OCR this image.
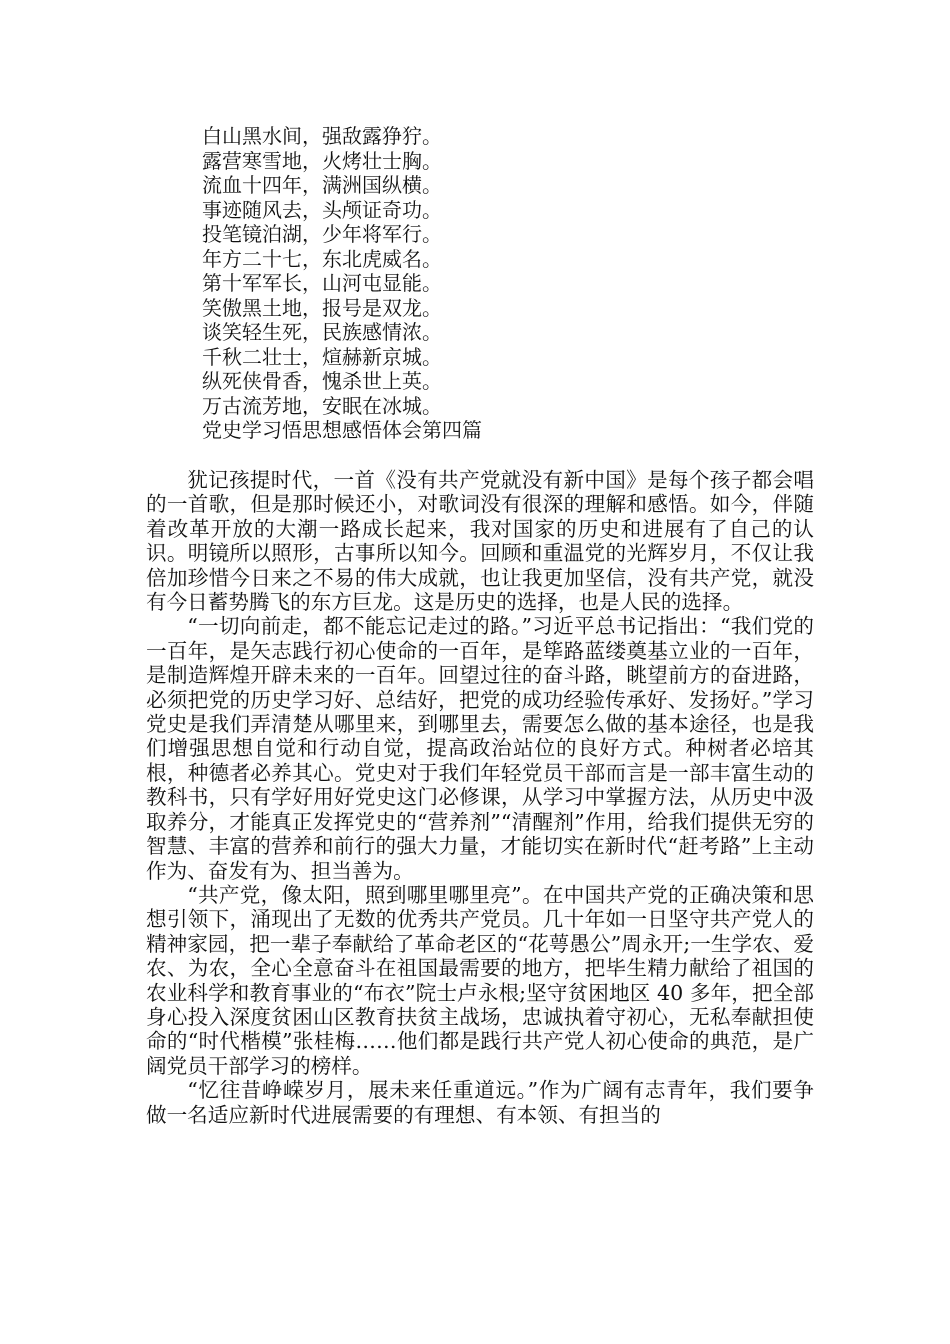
白山黑水间，强敌露狰狞。
露营寒雪地，火烤壮士胸。
流血十四年，满洲国纵横。
事迹随风去，头颅证奇功。
投笔镜泊湖，少年将军行。
年方二十七，东北虎威名。
第十军军长，山河屯显能。
笑傲黑土地，报号是双龙。
谈笑轻生死，民族感情浓。
千秋二壮士，煊赫新京城。
纵死侠骨香，愧杀世上英。
万古流芳地，安眠在冰城。
党史学习悟思想感悟体会第四篇

犹记孩提时代，一首《没有共产党就没有新中国》是每个孩子都会唱的一首歌，但是那时候还小，对歌词没有很深的理解和感悟。如今，伴随着改革开放的大潮一路成长起来，我对国家的历史和进展有了自己的认识。明镜所以照形，古事所以知今。回顾和重温党的光辉岁月，不仅让我倍加珍惜今日来之不易的伟大成就，也让我更加坚信，没有共产党，就没有今日蓄势腾飞的东方巨龙。这是历史的选择，也是人民的选择。

“一切向前走，都不能忘记走过的路。”习近平总书记指出：“我们党的一百年，是矢志践行初心使命的一百年，是筚路蓝缕奠基立业的一百年，是制造辉煌开辟未来的一百年。回望过往的奋斗路，眺望前方的奋进路，必须把党的历史学习好、总结好，把党的成功经验传承好、发扬好。”学习党史是我们弄清楚从哪里来，到哪里去，需要怎么做的基本途径，也是我们增强思想自觉和行动自觉，提高政治站位的良好方式。种树者必培其根，种德者必养其心。党史对于我们年轻党员干部而言是一部丰富生动的教科书，只有学好用好党史这门必修课，从学习中掌握方法，从历史中汲取养分，才能真正发挥党史的“营养剂”“清醒剂”作用，给我们提供无穷的智慧、丰富的营养和前行的强大力量，才能切实在新时代“赶考路”上主动作为、奋发有为、担当善为。

“共产党，像太阳，照到哪里哪里亮”。在中国共产党的正确决策和思想引领下，涌现出了无数的优秀共产党员。几十年如一日坚守共产党人的精神家园，把一辈子奉献给了革命老区的“花萼愚公”周永开;一生学农、爱农、为农，全心全意奋斗在祖国最需要的地方，把毕生精力献给了祖国的农业科学和教育事业的“布衣”院士卢永根;坚守贫困地区 40 多年，把全部身心投入深度贫困山区教育扶贫主战场，忠诚执着守初心，无私奉献担使命的“时代楷模”张桂梅……他们都是践行共产党人初心使命的典范，是广阔党员干部学习的榜样。

“忆往昔峥嵘岁月，展未来任重道远。”作为广阔有志青年，我们要争做一名适应新时代进展需要的有理想、有本领、有担当的
